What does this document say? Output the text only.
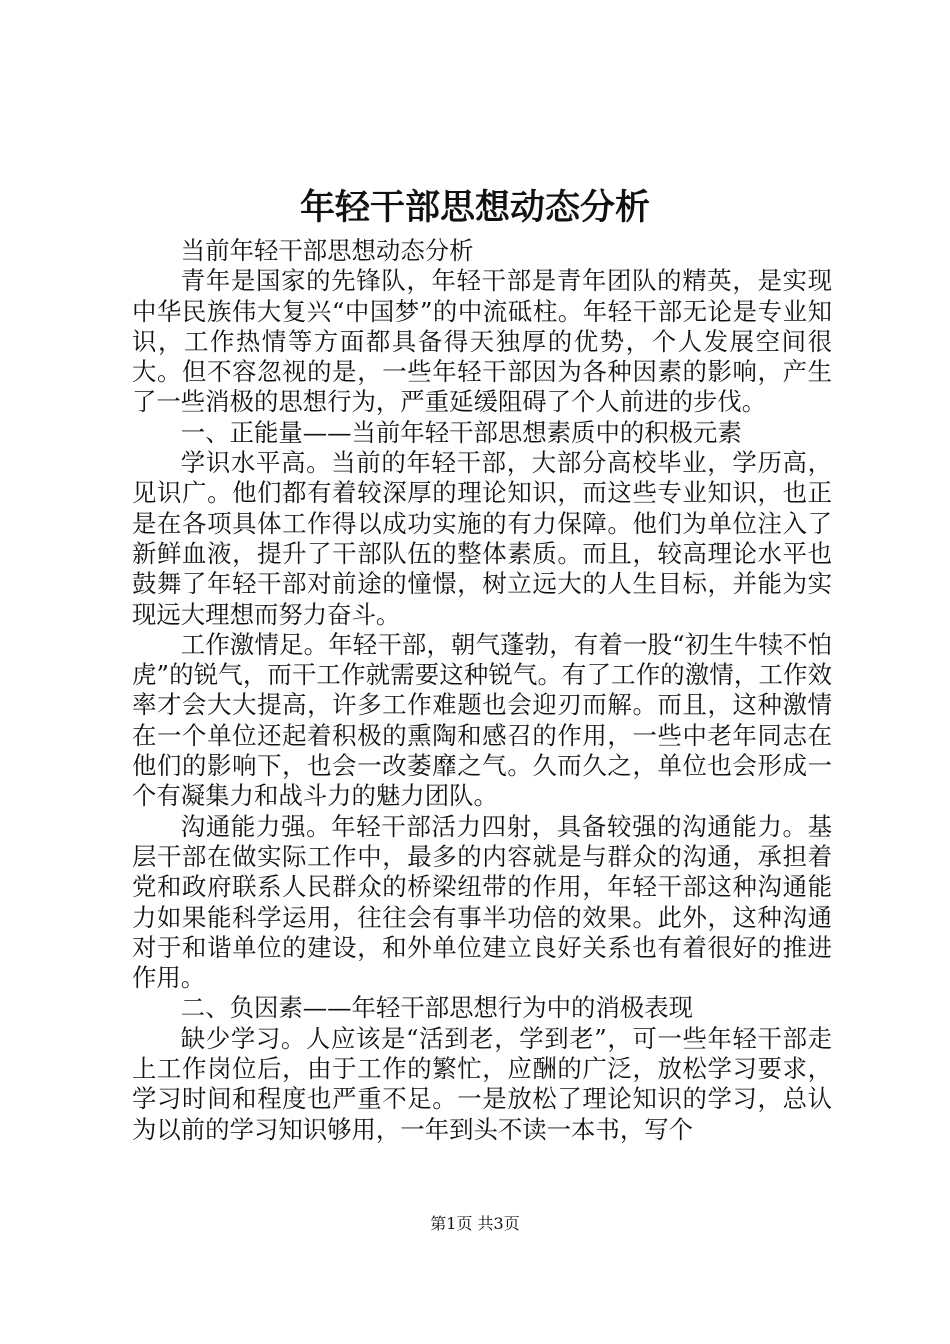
年轻干部思想动态分析

当前年轻干部思想动态分析

青年是国家的先锋队，年轻干部是青年团队的精英，是实现中华民族伟大复兴“中国梦”的中流砥柱。年轻干部无论是专业知识，工作热情等方面都具备得天独厚的优势，个人发展空间很大。但不容忽视的是，一些年轻干部因为各种因素的影响，产生了一些消极的思想行为，严重延缓阻碍了个人前进的步伐。

一、正能量——当前年轻干部思想素质中的积极元素

学识水平高。当前的年轻干部，大部分高校毕业，学历高，见识广。他们都有着较深厚的理论知识，而这些专业知识，也正是在各项具体工作得以成功实施的有力保障。他们为单位注入了新鲜血液，提升了干部队伍的整体素质。而且，较高理论水平也鼓舞了年轻干部对前途的憧憬，树立远大的人生目标，并能为实现远大理想而努力奋斗。

工作激情足。年轻干部，朝气蓬勃，有着一股“初生牛犊不怕虎”的锐气，而干工作就需要这种锐气。有了工作的激情，工作效率才会大大提高，许多工作难题也会迎刃而解。而且，这种激情在一个单位还起着积极的熏陶和感召的作用，一些中老年同志在他们的影响下，也会一改萎靡之气。久而久之，单位也会形成一个有凝集力和战斗力的魅力团队。

沟通能力强。年轻干部活力四射，具备较强的沟通能力。基层干部在做实际工作中，最多的内容就是与群众的沟通，承担着党和政府联系人民群众的桥梁纽带的作用，年轻干部这种沟通能力如果能科学运用，往往会有事半功倍的效果。此外，这种沟通对于和谐单位的建设，和外单位建立良好关系也有着很好的推进作用。

二、负因素——年轻干部思想行为中的消极表现

缺少学习。人应该是“活到老，学到老”，可一些年轻干部走上工作岗位后，由于工作的繁忙，应酬的广泛，放松学习要求，学习时间和程度也严重不足。一是放松了理论知识的学习，总认为以前的学习知识够用，一年到头不读一本书，写个

第1页 共3页
